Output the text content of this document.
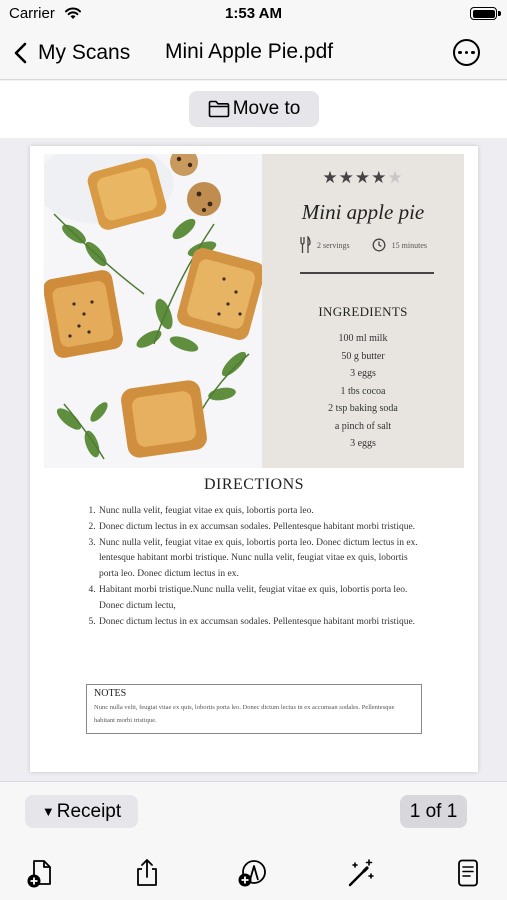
Carrier	1:53 AM
My Scans Mini Apple Pie.pdf
Move to
★★★★★
Mini apple pie
2 servings	15 minutes
INGREDIENTS
100 ml milk
50 g butter
3 eggs
1 tbs cocoa
2 tsp baking soda
a pinch of salt
3 eggs
DIRECTIONS
1. Nunc nulla velit, feugiat vitae ex quis, lobortis porta leo.
2. Donec dictum lectus in ex accumsan sodales. Pellentesque habitant morbi tristique.
3. Nunc nulla velit, feugiat vitae ex quis, lobortis porta leo. Donec dictum lectus in ex. lentesque habitant morbi tristique. Nunc nulla velit, feugiat vitae ex quis, lobortis porta leo. Donec dictum lectus in ex.
4. Habitant morbi tristique.Nunc nulla velit, feugiat vitae ex quis, lobortis porta leo. Donec dictum lectu,
5. Donec dictum lectus in ex accumsan sodales. Pellentesque habitant morbi tristique.
NOTES
Nunc nulla velit, feugiat vitae ex quis, lobortis porta leo. Donec dictum lectus in ex accumsan sodales. Pellentesque habitant morbi tristique.
▼ Receipt	1 of 1
